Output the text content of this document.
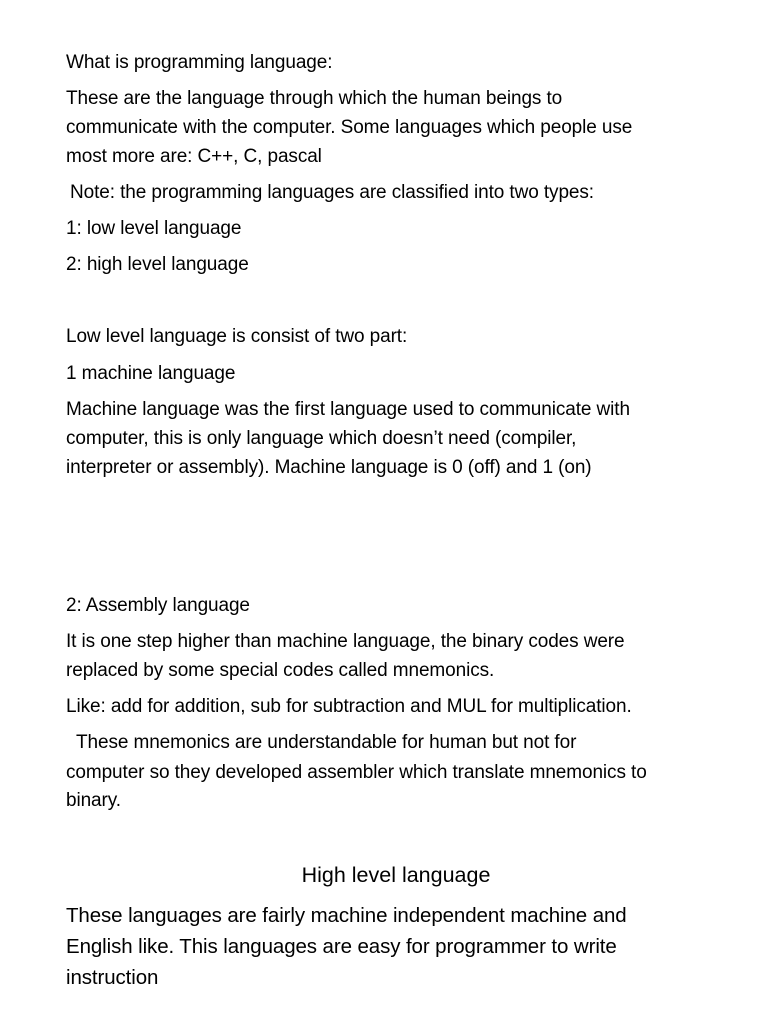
What is programming language:
These are the language through which the human beings to
communicate with the computer. Some languages which people use
most more are: C++, C, pascal
Note: the programming languages are classified into two types:
1: low level language
2: high level language
Low level language is consist of two part:
1 machine language
Machine language was the first language used to communicate with
computer, this is only language which doesn’t need (compiler,
interpreter or assembly). Machine language is 0 (off) and 1 (on)
2: Assembly language
It is one step higher than machine language, the binary codes were
replaced by some special codes called mnemonics.
Like: add for addition, sub for subtraction and MUL for multiplication.
These mnemonics are understandable for human but not for
computer so they developed assembler which translate mnemonics to
binary.
High level language
These languages are fairly machine independent machine and
English like. This languages are easy for programmer to write
instruction
